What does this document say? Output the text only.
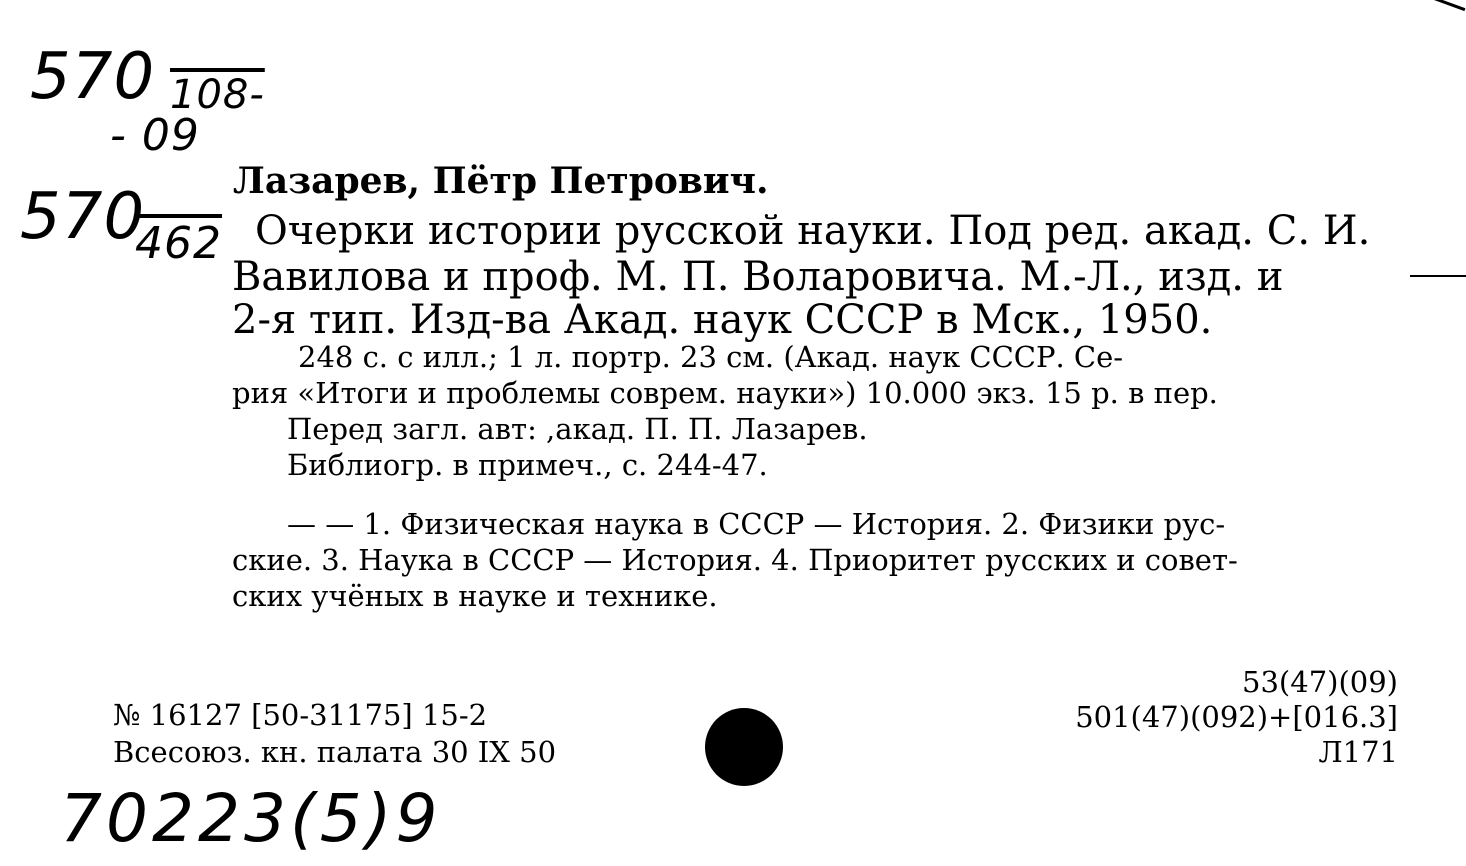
570 108-
- 09
570
462
Лазарев, Пётр Петрович.
Очерки истории русской науки. Под ред. акад. С. И.
Вавилова и проф. М. П. Воларовича. М.-Л., изд. и
2-я тип. Изд-ва Акад. наук СССР в Мск., 1950.
248 с. с илл.; 1 л. портр. 23 см. (Акад. наук СССР. Се-
рия «Итоги и проблемы соврем. науки») 10.000 экз. 15 р. в пер.
Перед загл. авт: ,акад. П. П. Лазарев.
Библиогр. в примеч., с. 244-47.
— — 1. Физическая наука в СССР — История. 2. Физики рус-
ские. 3. Наука в СССР — История. 4. Приоритет русских и совет-
ских учёных в науке и технике.
№ 16127 [50-31175] 15-2
Всесоюз. кн. палата 30 IX 50
53(47)(09)
501(47)(092)+[016.3]
Л171
70223(5)9
